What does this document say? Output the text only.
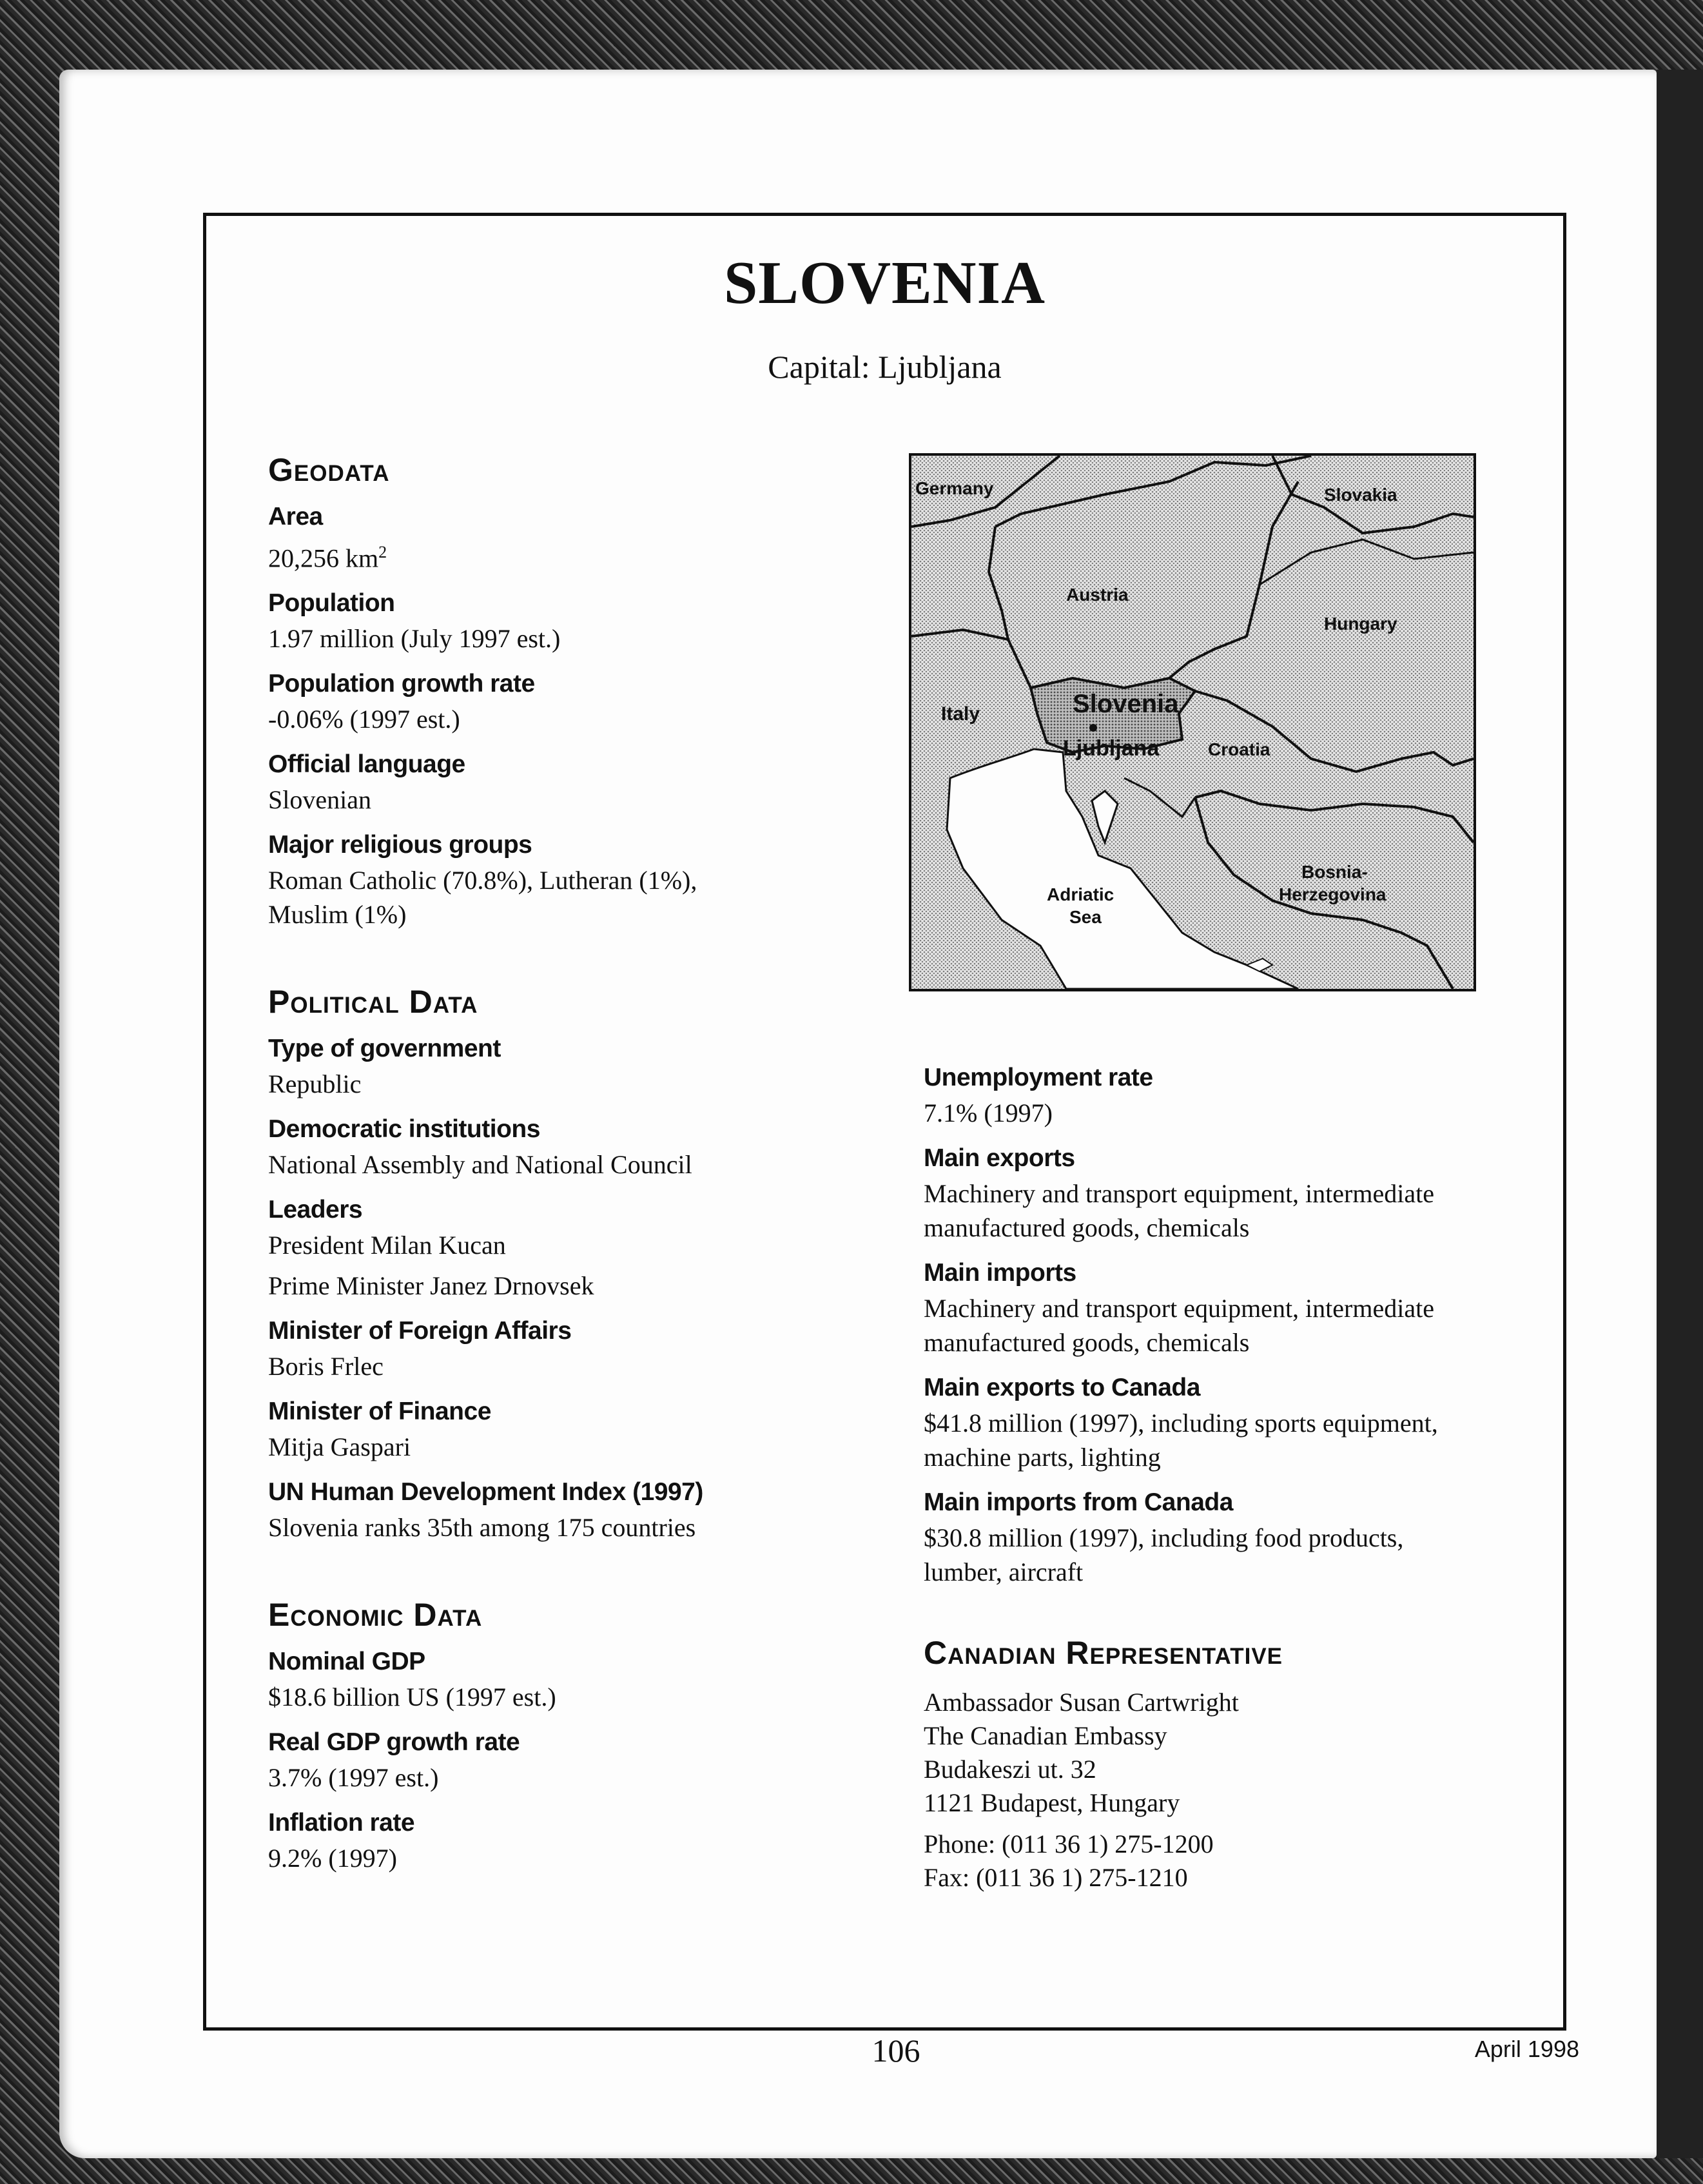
SLOVENIA

Capital: Ljubljana

Germany	Slovakia
Austria
Hungary
Italy	Slovenia
Ljubljana	Croatia
Adriatic
Sea
Bosnia-
Herzegovina
Geodata

Area

20,256 $km^2$

Population

1.97 million (July 1997 est.)

Population growth rate

-0.06% (1997 est.)

Official language

Slovenian

Major religious groups

Roman Catholic (70.8%), Lutheran (1%),

Muslim (1%)

Political Data

Type of government

Republic

Democratic institutions

National Assembly and National Council

Leaders

President Milan Kucan

Prime Minister Janez Drnovsek

Minister of Foreign Affairs

Boris Frlec

Minister of Finance

Mitja Gaspari

UN Human Development Index (1997)

Slovenia ranks 35th among 175 countries

Economic Data

Nominal GDP

$18.6 billion US (1997 est.)

Real GDP growth rate

3.7% (1997 est.)

Inflation rate

9.2% (1997)

Unemployment rate

7.1% (1997)

Main exports

Machinery and transport equipment, intermediate

manufactured goods, chemicals

Main imports

Machinery and transport equipment, intermediate

manufactured goods, chemicals

Main exports to Canada

$41.8 million (1997), including sports equipment,

machine parts, lighting

Main imports from Canada

$30.8 million (1997), including food products,

lumber, aircraft

Canadian Representative

Ambassador Susan Cartwright

The Canadian Embassy

Budakeszi ut. 32

1121 Budapest, Hungary

Phone: (011 36 1) 275-1200

Fax: (011 36 1) 275-1210

106	April 1998
